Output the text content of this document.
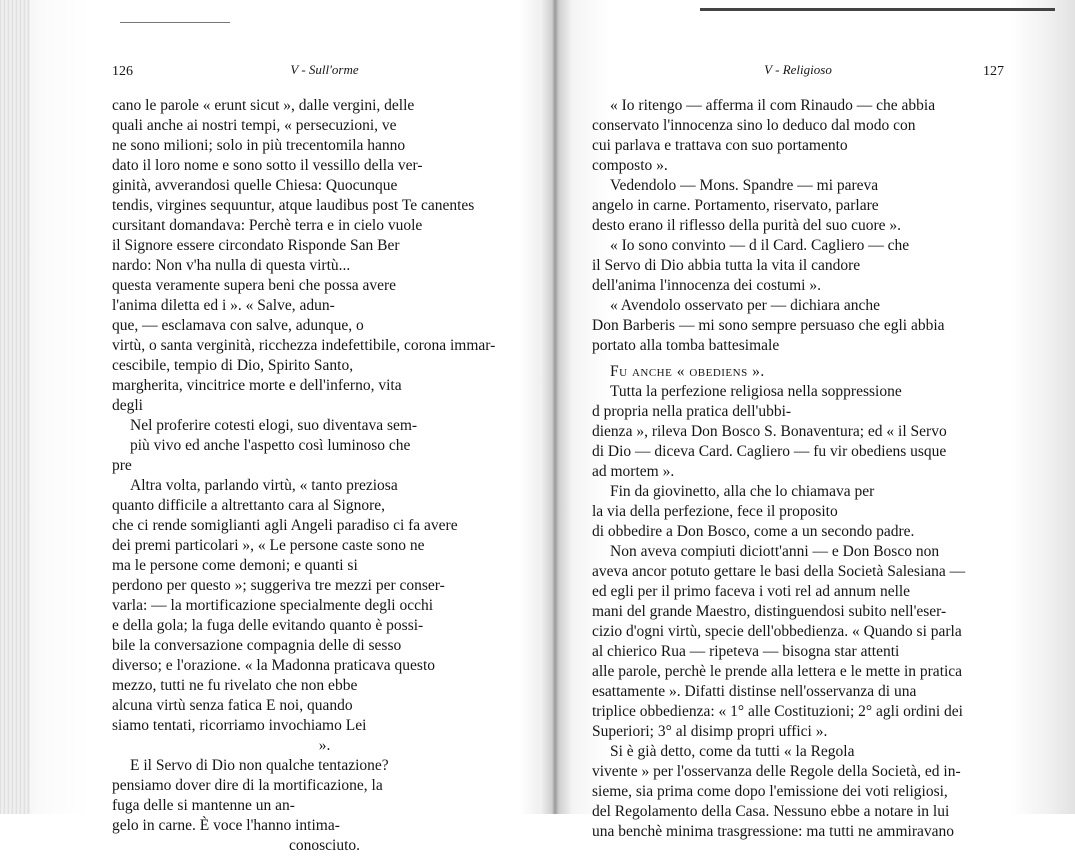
126	V - Sull'orme
cano le parole « erunt sicut », dalle vergini, delle
quali anche ai nostri tempi, « persecuzioni, ve
ne sono milioni; solo in più trecentomila hanno
dato il loro nome e sono sotto il vessillo della ver-
ginità, avverandosi quelle Chiesa: Quocunque
tendis, virgines sequuntur, atque laudibus post Te canentes
cursitant domandava: Perchè terra e in cielo vuole
il Signore essere circondato Risponde San Ber
nardo: Non v'ha nulla di questa virtù...
questa veramente supera beni che possa avere
l'anima diletta ed i ». « Salve, adun-
que, — esclamava con salve, adunque, o
virtù, o santa verginità, ricchezza indefettibile, corona immar-
cescibile, tempio di Dio, Spirito Santo,
margherita, vincitrice morte e dell'inferno, vita
degli
Nel proferire cotesti elogi, suo diventava sem-
più vivo ed anche l'aspetto così luminoso che
pre
Altra volta, parlando virtù, « tanto preziosa
quanto difficile a altrettanto cara al Signore,
che ci rende somiglianti agli Angeli paradiso ci fa avere
dei premi particolari », « Le persone caste sono ne
ma le persone come demoni; e quanti si
perdono per questo »; suggeriva tre mezzi per conser-
varla: — la mortificazione specialmente degli occhi
e della gola; la fuga delle evitando quanto è possi-
bile la conversazione compagnia delle di sesso
diverso; e l'orazione. « la Madonna praticava questo
mezzo, tutti ne fu rivelato che non ebbe
alcuna virtù senza fatica E noi, quando
siamo tentati, ricorriamo invochiamo Lei
».
E il Servo di Dio non qualche tentazione?
pensiamo dover dire di la mortificazione, la
fuga delle si mantenne un an-
gelo in carne. È voce l'hanno intima-
conosciuto.
V - Religioso	127
« Io ritengo — afferma il com Rinaudo — che abbia
conservato l'innocenza sino lo deduco dal modo con
cui parlava e trattava con suo portamento
composto ».
Vedendolo — Mons. Spandre — mi pareva
angelo in carne. Portamento, riservato, parlare
desto erano il riflesso della purità del suo cuore ».
« Io sono convinto — d il Card. Cagliero — che
il Servo di Dio abbia tutta la vita il candore
dell'anima l'innocenza dei costumi ».
« Avendolo osservato per — dichiara anche
Don Barberis — mi sono sempre persuaso che egli abbia
portato alla tomba battesimale
Fu anche « obediens ».
Tutta la perfezione religiosa nella soppressione
d propria nella pratica dell'ubbi-
dienza », rileva Don Bosco S. Bonaventura; ed « il Servo
di Dio — diceva Card. Cagliero — fu vir obediens usque
ad mortem ».
Fin da giovinetto, alla che lo chiamava per
la via della perfezione, fece il proposito
di obbedire a Don Bosco, come a un secondo padre.
Non aveva compiuti diciott'anni — e Don Bosco non
aveva ancor potuto gettare le basi della Società Salesiana —
ed egli per il primo faceva i voti rel ad annum nelle
mani del grande Maestro, distinguendosi subito nell'eser-
cizio d'ogni virtù, specie dell'obbedienza. « Quando si parla
al chierico Rua — ripeteva — bisogna star attenti
alle parole, perchè le prende alla lettera e le mette in pratica
esattamente ». Difatti distinse nell'osservanza di una
triplice obbedienza: « 1° alle Costituzioni; 2° agli ordini dei
Superiori; 3° al disimp propri uffici ».
Si è già detto, come da tutti « la Regola
vivente » per l'osservanza delle Regole della Società, ed in-
sieme, sia prima come dopo l'emissione dei voti religiosi,
del Regolamento della Casa. Nessuno ebbe a notare in lui
una benchè minima trasgressione: ma tutti ne ammiravano
